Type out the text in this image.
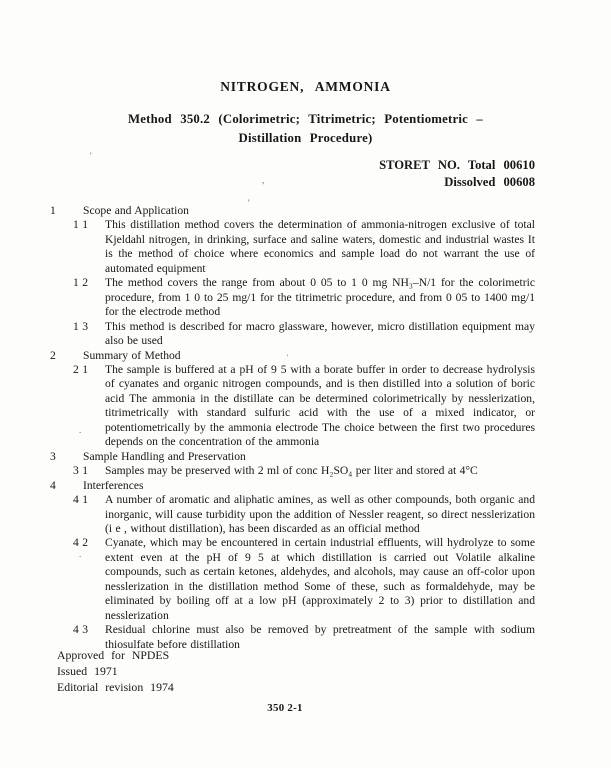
NITROGEN, AMMONIA
Method 350.2 (Colorimetric; Titrimetric; Potentiometric –
Distillation Procedure)
STORET NO. Total 00610
Dissolved 00608
1	Scope and Application
1 1	This distillation method covers the determination of ammonia-nitrogen exclusive of total Kjeldahl nitrogen, in drinking, surface and saline waters, domestic and industrial wastes It is the method of choice where economics and sample load do not warrant the use of automated equipment
1 2	The method covers the range from about 0 05 to 1 0 mg NH₃–N/1 for the colorimetric procedure, from 1 0 to 25 mg/1 for the titrimetric procedure, and from 0 05 to 1400 mg/1 for the electrode method
1 3	This method is described for macro glassware, however, micro distillation equipment may also be used
2	Summary of Method
2 1	The sample is buffered at a pH of 9 5 with a borate buffer in order to decrease hydrolysis of cyanates and organic nitrogen compounds, and is then distilled into a solution of boric acid The ammonia in the distillate can be determined colorimetrically by nesslerization, titrimetrically with standard sulfuric acid with the use of a mixed indicator, or potentiometrically by the ammonia electrode The choice between the first two procedures depends on the concentration of the ammonia
3	Sample Handling and Preservation
3 1	Samples may be preserved with 2 ml of conc H₂SO₄ per liter and stored at 4°C
4	Interferences
4 1	A number of aromatic and aliphatic amines, as well as other compounds, both organic and inorganic, will cause turbidity upon the addition of Nessler reagent, so direct nesslerization (i e , without distillation), has been discarded as an official method
4 2	Cyanate, which may be encountered in certain industrial effluents, will hydrolyze to some extent even at the pH of 9 5 at which distillation is carried out Volatile alkaline compounds, such as certain ketones, aldehydes, and alcohols, may cause an off-color upon nesslerization in the distillation method Some of these, such as formaldehyde, may be eliminated by boiling off at a low pH (approximately 2 to 3) prior to distillation and nesslerization
4 3	Residual chlorine must also be removed by pretreatment of the sample with sodium thiosulfate before distillation
Approved for NPDES
Issued 1971
Editorial revision 1974
350 2-1
'
,
'
'
.
.
